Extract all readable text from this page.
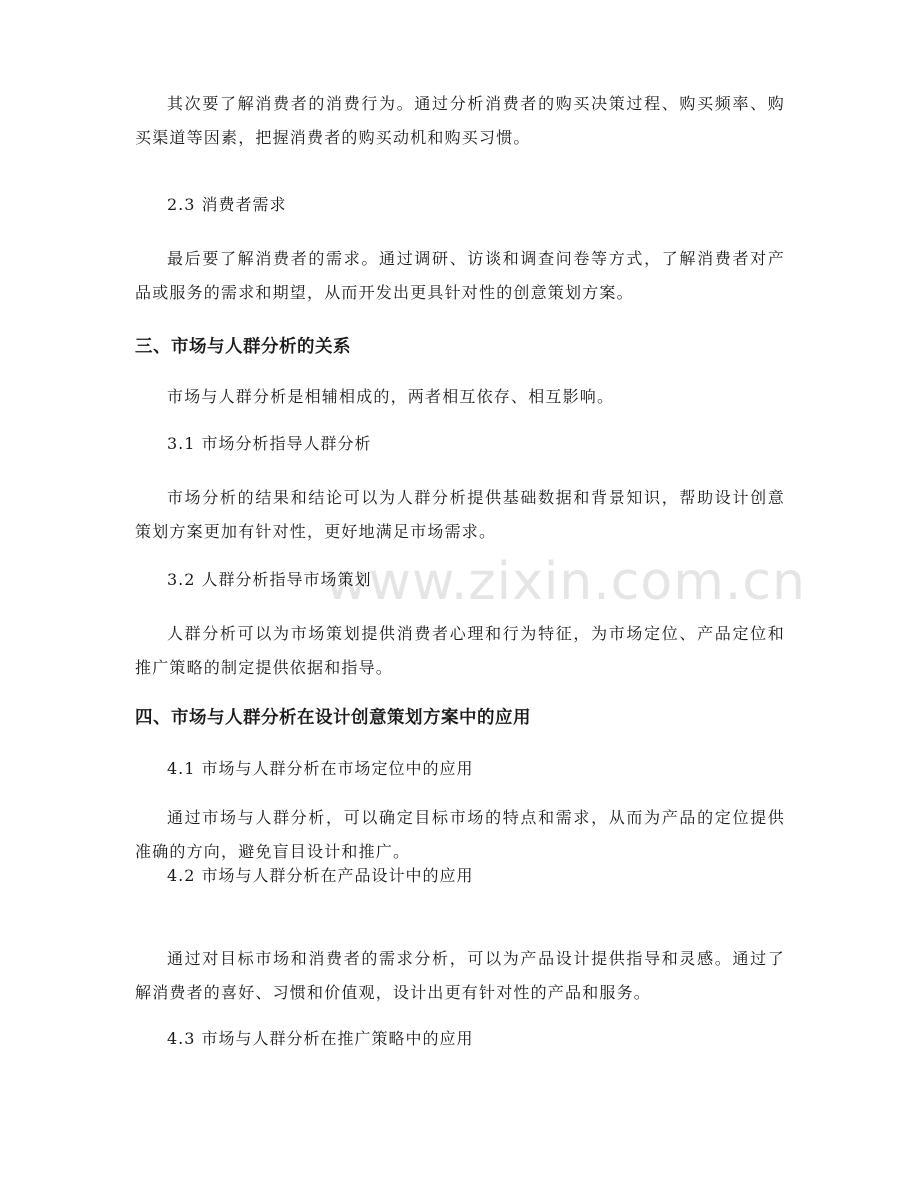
www.zixin.com.cn

其次要了解消费者的消费行为。通过分析消费者的购买决策过程、购买频率、购买渠道等因素，把握消费者的购买动机和购买习惯。

2.3 消费者需求

最后要了解消费者的需求。通过调研、访谈和调查问卷等方式，了解消费者对产品或服务的需求和期望，从而开发出更具针对性的创意策划方案。

三、市场与人群分析的关系

市场与人群分析是相辅相成的，两者相互依存、相互影响。

3.1 市场分析指导人群分析

市场分析的结果和结论可以为人群分析提供基础数据和背景知识，帮助设计创意策划方案更加有针对性，更好地满足市场需求。

3.2 人群分析指导市场策划

人群分析可以为市场策划提供消费者心理和行为特征，为市场定位、产品定位和推广策略的制定提供依据和指导。

四、市场与人群分析在设计创意策划方案中的应用
4.1 市场与人群分析在市场定位中的应用

通过市场与人群分析，可以确定目标市场的特点和需求，从而为产品的定位提供准确的方向，避免盲目设计和推广。

4.2 市场与人群分析在产品设计中的应用

通过对目标市场和消费者的需求分析，可以为产品设计提供指导和灵感。通过了解消费者的喜好、习惯和价值观，设计出更有针对性的产品和服务。

4.3 市场与人群分析在推广策略中的应用
